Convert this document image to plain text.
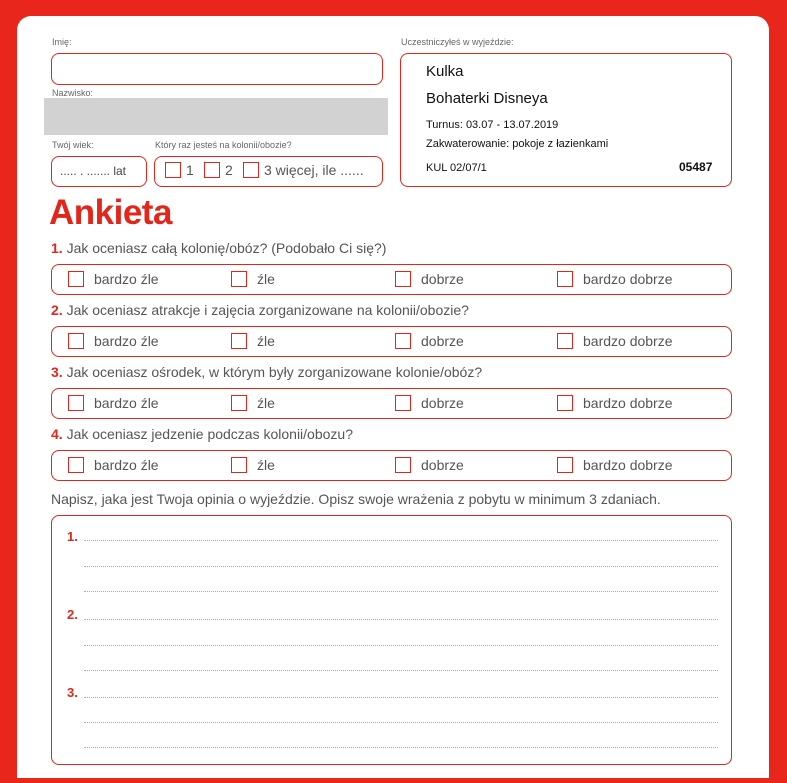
Imię:
Nazwisko:
Twój wiek:
..... . ....... lat
Który raz jesteś na kolonii/obozie?
1 2 3 więcej, ile ......
Uczestniczyłeś w wyjeździe:
Kulka
Bohaterki Disneya
Turnus: 03.07 - 13.07.2019
Zakwaterowanie: pokoje z łazienkami
KUL 02/07/1	05487
Ankieta
1. Jak oceniasz całą kolonię/obóz? (Podobało Ci się?)
bardzo źle	źle	dobrze	bardzo dobrze
2. Jak oceniasz atrakcje i zajęcia zorganizowane na kolonii/obozie?
bardzo źle	źle	dobrze	bardzo dobrze
3. Jak oceniasz ośrodek, w którym były zorganizowane kolonie/obóz?
bardzo źle	źle	dobrze	bardzo dobrze
4. Jak oceniasz jedzenie podczas kolonii/obozu?
bardzo źle	źle	dobrze	bardzo dobrze
Napisz, jaka jest Twoja opinia o wyjeździe. Opisz swoje wrażenia z pobytu w minimum 3 zdaniach.
1.
2.
3.
